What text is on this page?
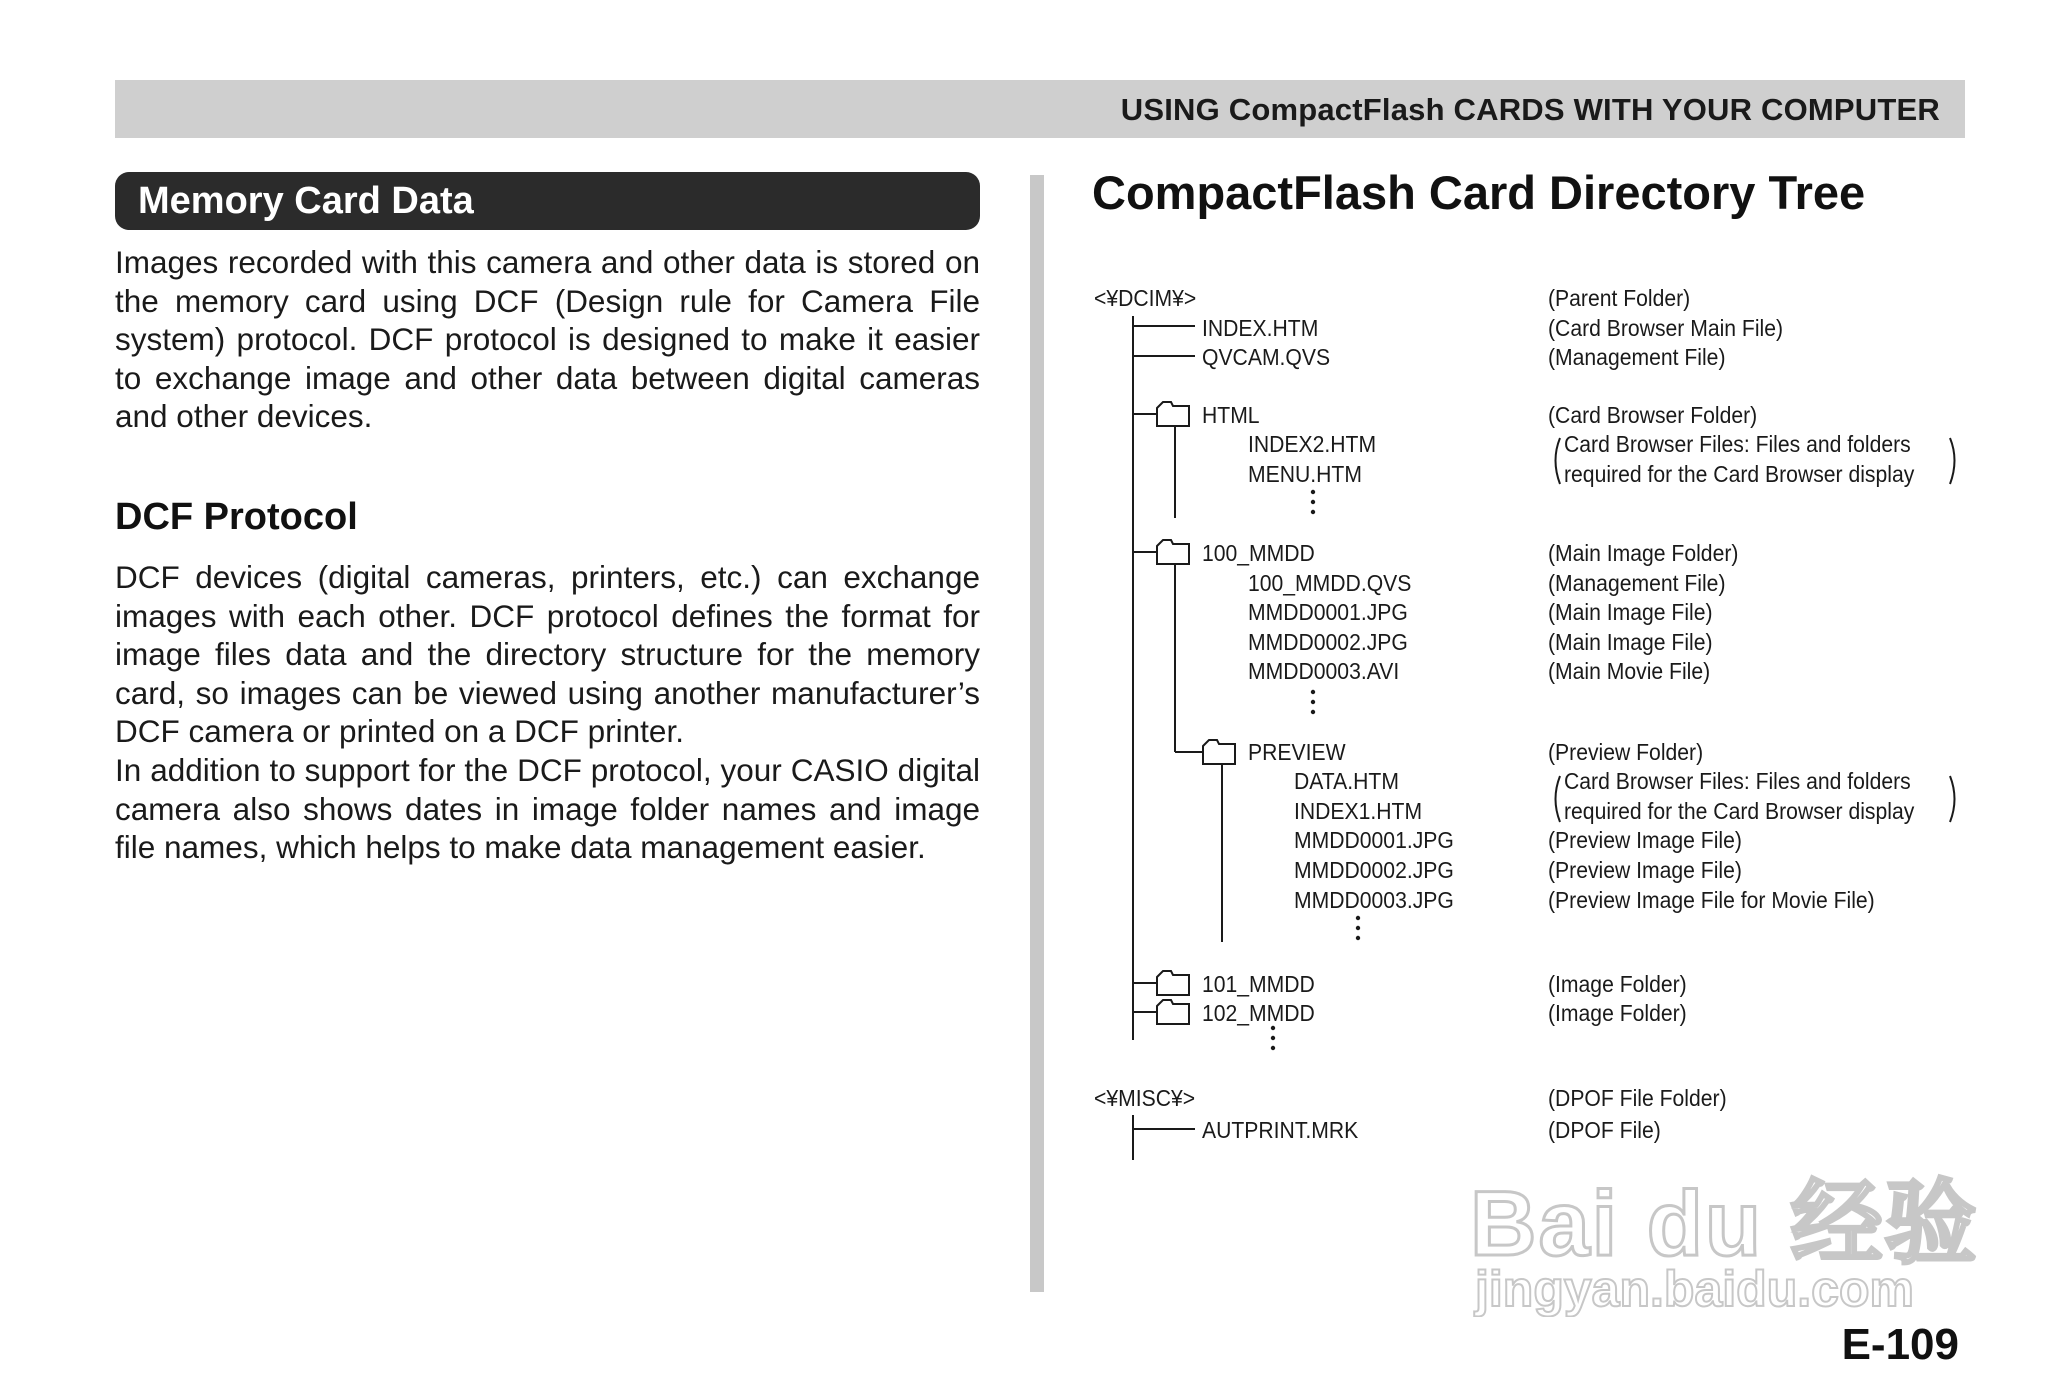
USING CompactFlash CARDS WITH YOUR COMPUTER
Memory Card Data

Images recorded with this camera and other data is stored on the memory card using DCF (Design rule for Camera File system) protocol. DCF protocol is designed to make it easier to exchange image and other data between digital cameras and other devices.

DCF Protocol

DCF devices (digital cameras, printers, etc.) can exchange images with each other. DCF protocol defines the format for image files data and the directory structure for the memory card, so images can be viewed using another manufacturer’s DCF camera or printed on a DCF printer.

In addition to support for the DCF protocol, your CASIO digital camera also shows dates in image folder names and image file names, which helps to make data management easier.

CompactFlash Card Directory Tree
<¥DCIM¥>
INDEX.HTM
QVCAM.QVS
HTML
INDEX2.HTM
MENU.HTM
100_MMDD
100_MMDD.QVS
MMDD0001.JPG
MMDD0002.JPG
MMDD0003.AVI
PREVIEW
DATA.HTM
INDEX1.HTM
MMDD0001.JPG
MMDD0002.JPG
MMDD0003.JPG
101_MMDD
102_MMDD
<¥MISC¥>
AUTPRINT.MRK
(Parent Folder)
(Card Browser Main File)
(Management File)
(Card Browser Folder)
Card Browser Files: Files and folders
required for the Card Browser display
(Main Image Folder)
(Management File)
(Main Image File)
(Main Image File)
(Main Movie File)
(Preview Folder)
Card Browser Files: Files and folders
required for the Card Browser display
(Preview Image File)
(Preview Image File)
(Preview Image File for Movie File)
(Image Folder)
(Image Folder)
(DPOF File Folder)
(DPOF File)
Bai du 经验
jingyan.baidu.com
E-109
